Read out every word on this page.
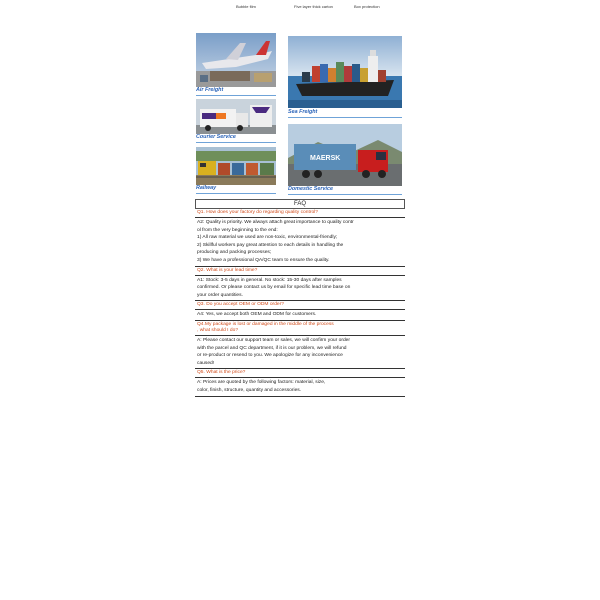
Bubble film	Five layer thick carton	Box protection
Air Freight
Courier Service
Railway
Sea Freight
MAERSK
Domestic Service
FAQ
Q1. How does your factory do regarding quality control?
A2: Quality is priority. We always attach great importance to quality contr
ol from the very beginning to the end:
1) All raw material we used are non-toxic, environmental-friendly;
2) Skillful workers pay great attention to each details in handling the
producing and packing processes;
3) We have a professional QA/QC team to ensure the quality.
Q2. What is your lead time?
A1: Stock: 3-5 days in general. No stock: 15-30 days after samples
confirmed. Or please contact us by email for specific lead time base on
your order quantities.
Q3. Do you accept OEM or ODM order?
A4: Yes, we accept both OEM and ODM for customers.
Q4.My package is lost or damaged in the middle of the process
, what should I do?
A: Please contact our support team or sales, we will confirm your order
with the parcel and QC department, if it is our problem, we will refund
or re-product or resend to you. We apologize for any inconvenience
caused!
Q5. What is the price?
A: Prices are quoted by the following factors: material, size,
color, finish, structure, quantity and accessories.
